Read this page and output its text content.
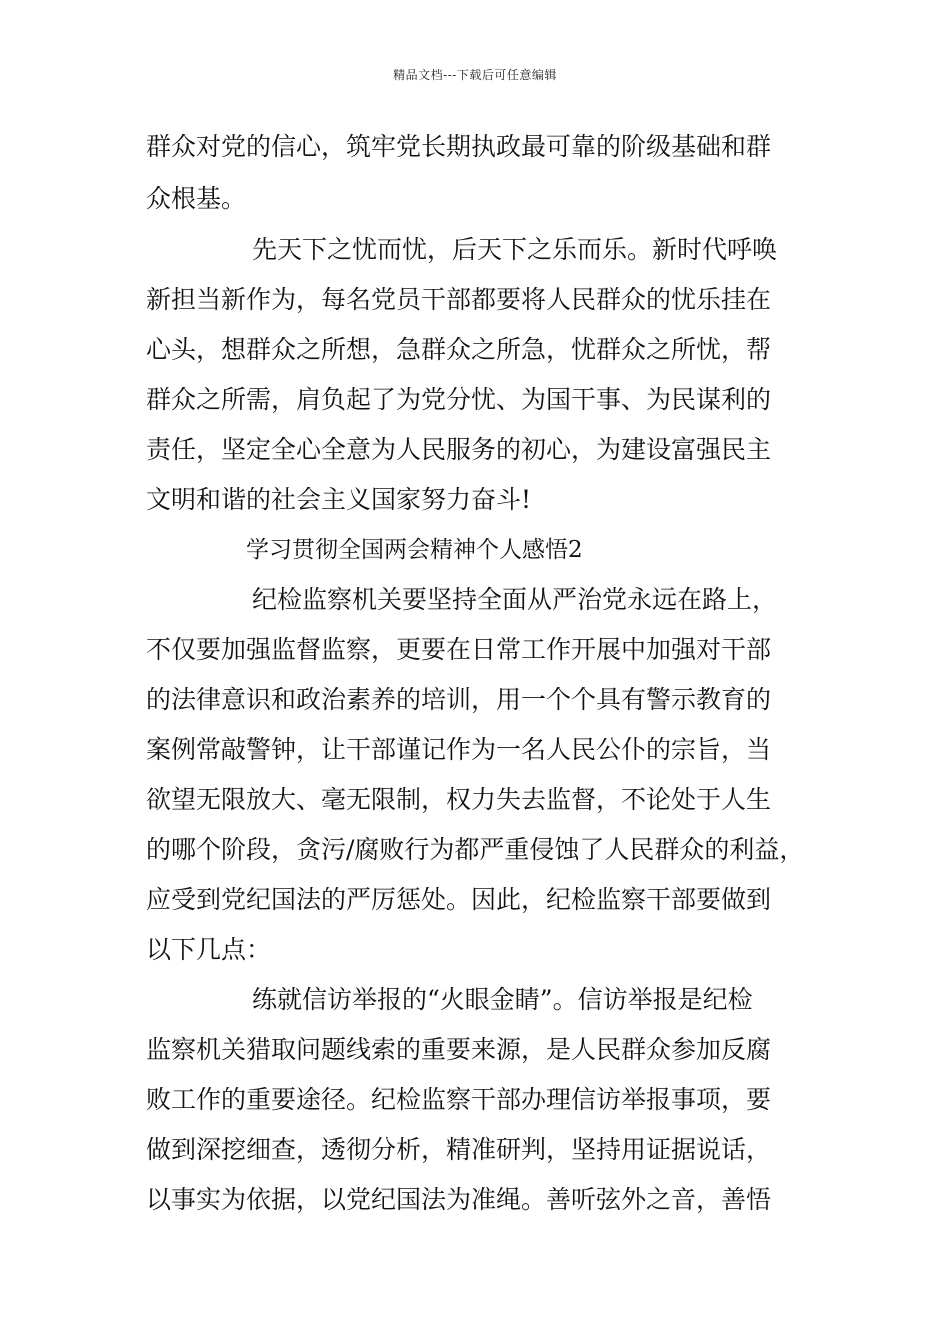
精品文档---下载后可任意编辑
群众对党的信心，筑牢党长期执政最可靠的阶级基础和群
众根基。
先天下之忧而忧，后天下之乐而乐。新时代呼唤
新担当新作为，每名党员干部都要将人民群众的忧乐挂在
心头，想群众之所想，急群众之所急，忧群众之所忧，帮
群众之所需，肩负起了为党分忧、为国干事、为民谋利的
责任，坚定全心全意为人民服务的初心，为建设富强民主
文明和谐的社会主义国家努力奋斗!
学习贯彻全国两会精神个人感悟2
纪检监察机关要坚持全面从严治党永远在路上，
不仅要加强监督监察，更要在日常工作开展中加强对干部
的法律意识和政治素养的培训，用一个个具有警示教育的
案例常敲警钟，让干部谨记作为一名人民公仆的宗旨，当
欲望无限放大、毫无限制，权力失去监督，不论处于人生
的哪个阶段，贪污/腐败行为都严重侵蚀了人民群众的利益，
应受到党纪国法的严厉惩处。因此，纪检监察干部要做到
以下几点：
练就信访举报的“火眼金睛”。信访举报是纪检
监察机关猎取问题线索的重要来源，是人民群众参加反腐
败工作的重要途径。纪检监察干部办理信访举报事项，要
做到深挖细查，透彻分析，精准研判，坚持用证据说话，
以事实为依据，以党纪国法为准绳。善听弦外之音，善悟
